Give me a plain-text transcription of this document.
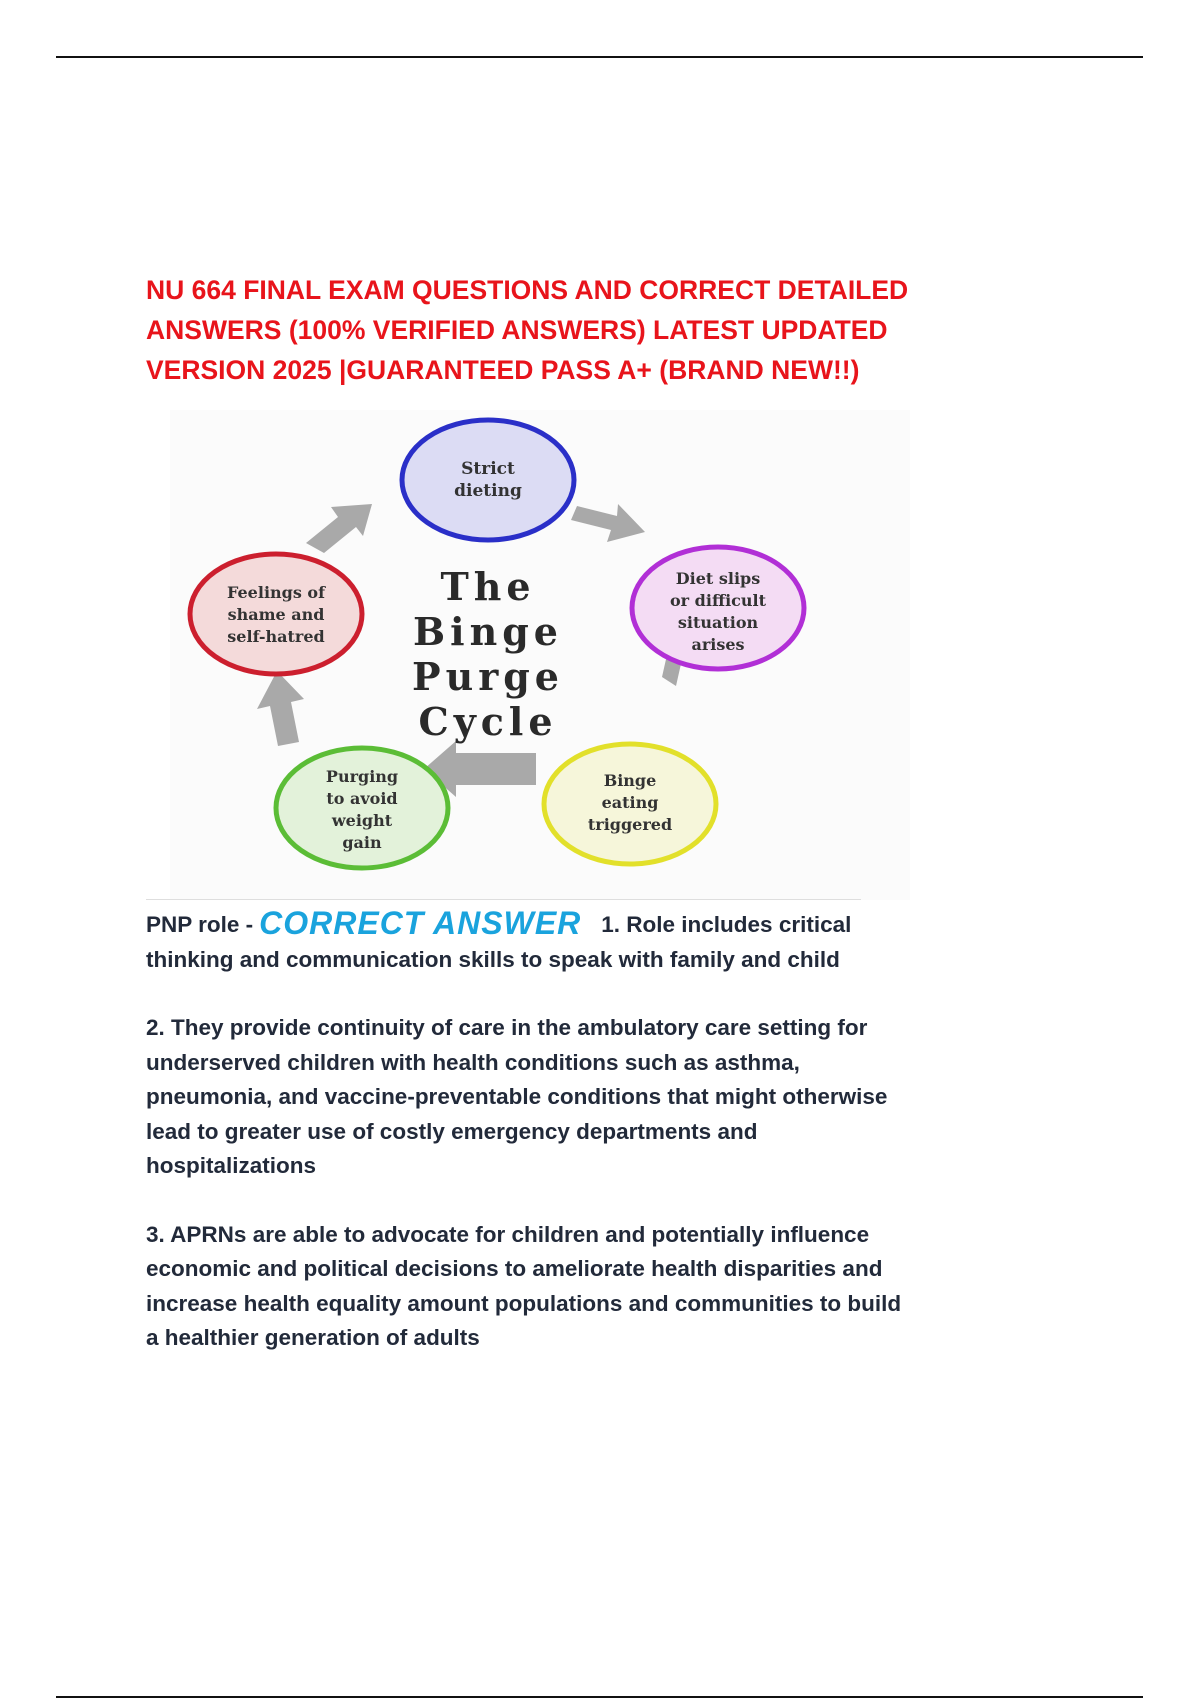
NU 664 FINAL EXAM QUESTIONS AND CORRECT DETAILED
ANSWERS (100% VERIFIED ANSWERS) LATEST UPDATED
VERSION 2025 |GUARANTEED PASS A+ (BRAND NEW!!)
Strict
dieting
Diet slips
or difficult
situation
arises
Binge
eating
triggered
Purging
to avoid
weight
gain
Feelings of
shame and
self-hatred
The
Binge
Purge
Cycle
PNP role - CORRECT ANSWER 1. Role includes critical
thinking and communication skills to speak with family and child
2. They provide continuity of care in the ambulatory care setting for
underserved children with health conditions such as asthma,
pneumonia, and vaccine-preventable conditions that might otherwise
lead to greater use of costly emergency departments and
hospitalizations
3. APRNs are able to advocate for children and potentially influence
economic and political decisions to ameliorate health disparities and
increase health equality amount populations and communities to build
a healthier generation of adults
